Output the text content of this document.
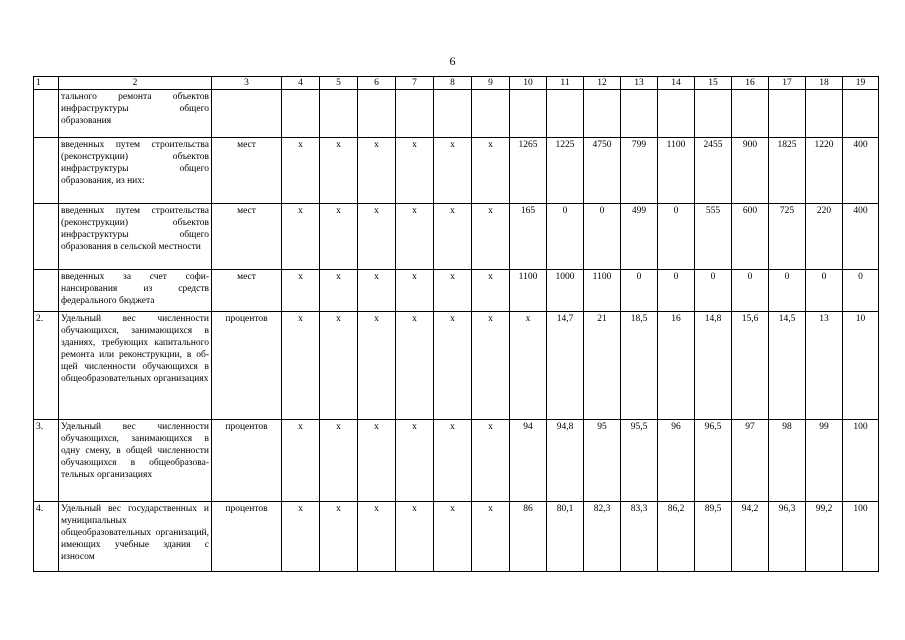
6
1	2	3	4	5	6	7	8	9	10	11	12	13	14	15	16	17	18	19
	тального ремонта объектов инфраструктуры общего образования																	
	введенных путем строительства (реконструкции) объектов инфраструктуры общего образования, из них:	мест	x	x	x	x	x	x	1265	1225	4750	799	1100	2455	900	1825	1220	400
	введенных путем строительства (реконструкции) объектов инфраструктуры общего образования в сельской местности	мест	x	x	x	x	x	x	165	0	0	499	0	555	600	725	220	400
	введенных за счет софинансирования из средств федерального бюджета	мест	x	x	x	x	x	x	1100	1000	1100	0	0	0	0	0	0	0
2.	Удельный вес численности обучающихся, занимающихся в зданиях, требующих капитального ремонта или реконструкции, в общей численности обучающихся в общеобразовательных организациях	процентов	x	x	x	x	x	x	x	14,7	21	18,5	16	14,8	15,6	14,5	13	10
3.	Удельный вес численности обучающихся, занимающихся в одну смену, в общей численности обучающихся в общеобразовательных организациях	процентов	x	x	x	x	x	x	94	94,8	95	95,5	96	96,5	97	98	99	100
4.	Удельный вес государственных и муниципальных общеобразовательных организаций, имеющих учебные здания с износом	процентов	x	x	x	x	x	x	86	80,1	82,3	83,3	86,2	89,5	94,2	96,3	99,2	100
